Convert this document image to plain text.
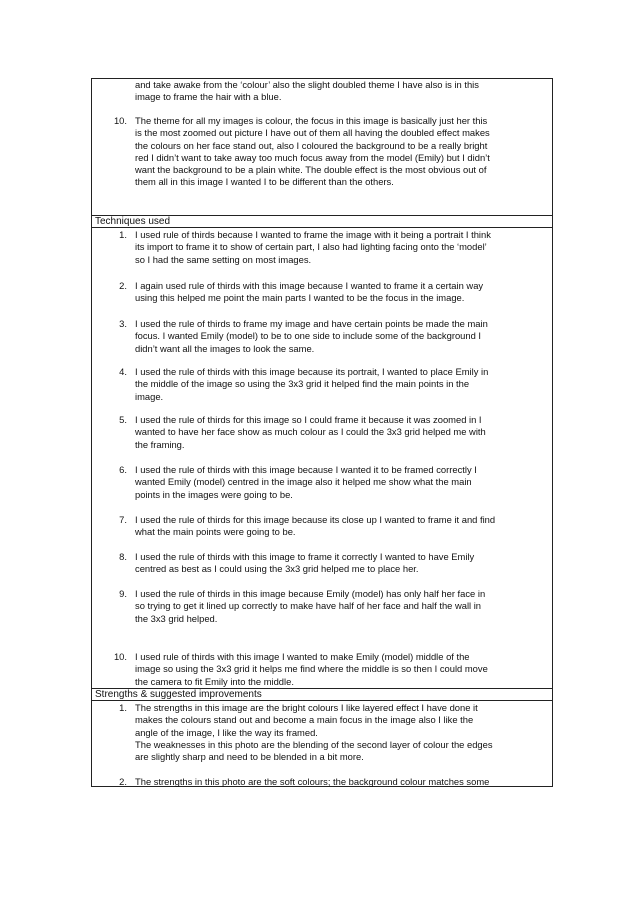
and take awake from the ‘colour’ also the slight doubled theme I have also is in this
image to frame the hair with a blue.
10. The theme for all my images is colour, the focus in this image is basically just her this
is the most zoomed out picture I have out of them all having the doubled effect makes
the colours on her face stand out, also I coloured the background to be a really bright
red I didn’t want to take away too much focus away from the model (Emily) but I didn’t
want the background to be a plain white. The double effect is the most obvious out of
them all in this image I wanted I to be different than the others.
Techniques used
1. I used rule of thirds because I wanted to frame the image with it being a portrait I think
its import to frame it to show of certain part, I also had lighting facing onto the ‘model’
so I had the same setting on most images.
2. I again used rule of thirds with this image because I wanted to frame it a certain way
using this helped me point the main parts I wanted to be the focus in the image.
3. I used the rule of thirds to frame my image and have certain points be made the main
focus. I wanted Emily (model) to be to one side to include some of the background I
didn’t want all the images to look the same.
4. I used the rule of thirds with this image because its portrait, I wanted to place Emily in
the middle of the image so using the 3x3 grid it helped find the main points in the
image.
5. I used the rule of thirds for this image so I could frame it because it was zoomed in I
wanted to have her face show as much colour as I could the 3x3 grid helped me with
the framing.
6. I used the rule of thirds with this image because I wanted it to be framed correctly I
wanted Emily (model) centred in the image also it helped me show what the main
points in the images were going to be.
7. I used the rule of thirds for this image because its close up I wanted to frame it and find
what the main points were going to be.
8. I used the rule of thirds with this image to frame it correctly I wanted to have Emily
centred as best as I could using the 3x3 grid helped me to place her.
9. I used the rule of thirds in this image because Emily (model) has only half her face in
so trying to get it lined up correctly to make have half of her face and half the wall in
the 3x3 grid helped.
10. I used rule of thirds with this image I wanted to make Emily (model) middle of the
image so using the 3x3 grid it helps me find where the middle is so then I could move
the camera to fit Emily into the middle.
Strengths & suggested improvements
1. The strengths in this image are the bright colours I like layered effect I have done it
makes the colours stand out and become a main focus in the image also I like the
angle of the image, I like the way its framed.
The weaknesses in this photo are the blending of the second layer of colour the edges
are slightly sharp and need to be blended in a bit more.
2. The strengths in this photo are the soft colours; the background colour matches some
